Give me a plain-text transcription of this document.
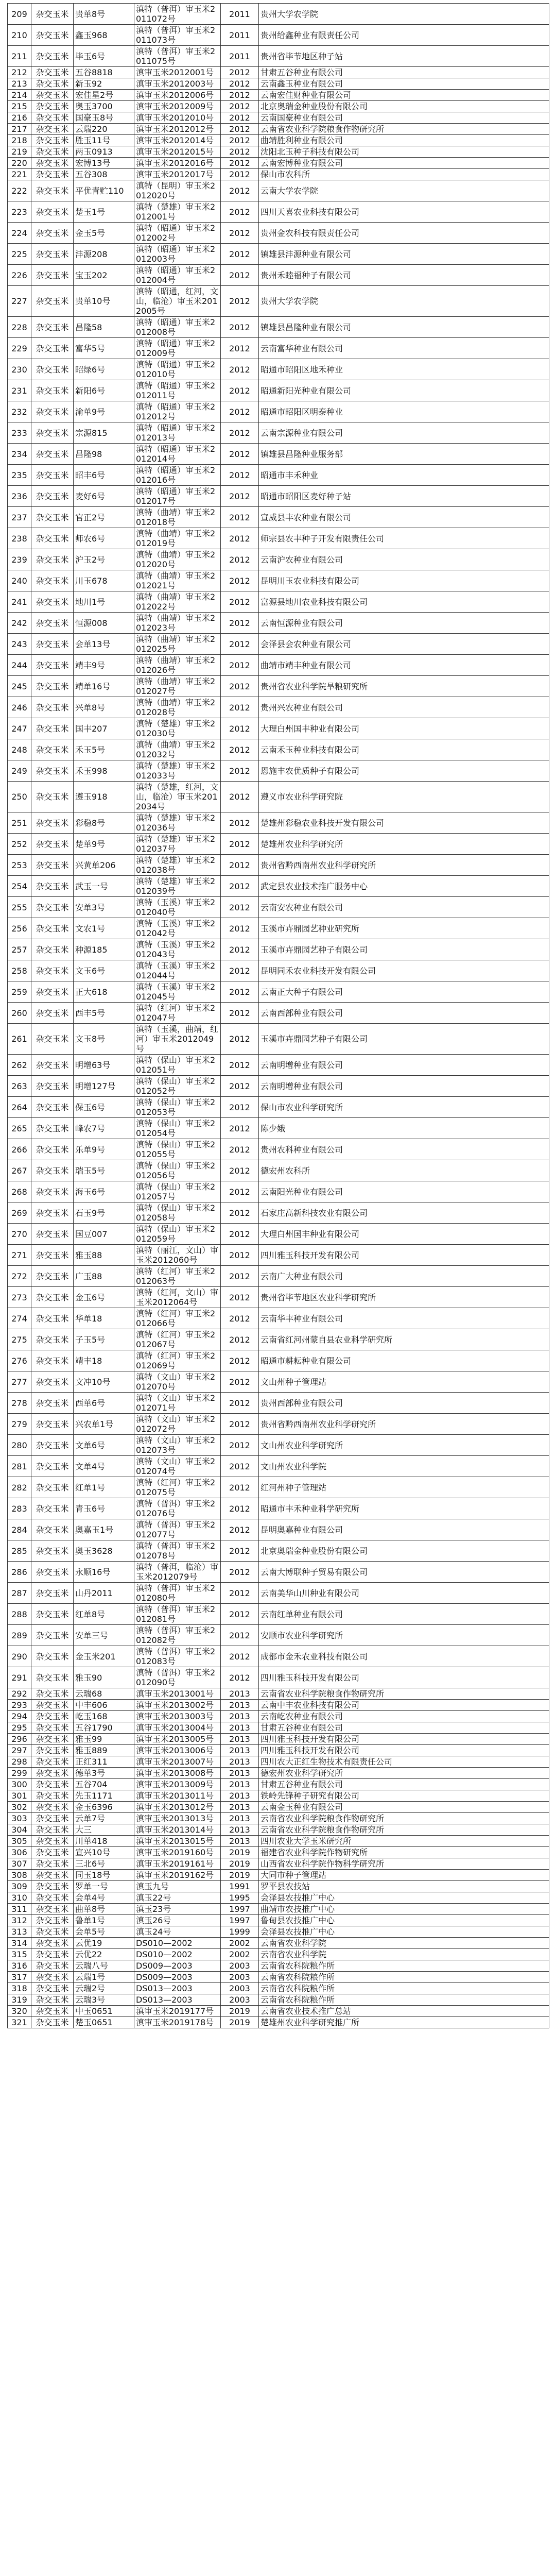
209	杂交玉米	贵单8号	滇特（普洱）审玉米2011072号	2011	贵州大学农学院
210	杂交玉米	鑫玉968	滇特（普洱）审玉米2011073号	2011	贵州给鑫种业有限责任公司
211	杂交玉米	毕玉6号	滇特（普洱）审玉米2011075号	2011	贵州省毕节地区种子站
212	杂交玉米	五谷8818	滇审玉米2012001号	2012	甘肃五谷种业有限公司
213	杂交玉米	新玉92	滇审玉米2012003号	2012	云南鑫玉种业有限公司
214	杂交玉米	宏佳星2号	滇审玉米2012006号	2012	云南宏佳财种业有限公司
215	杂交玉米	奥玉3700	滇审玉米2012009号	2012	北京奥瑞金种业股份有限公司
216	杂交玉米	国豪玉8号	滇审玉米2012010号	2012	云南国豪种业有限公司
217	杂交玉米	云瑞220	滇审玉米2012012号	2012	云南省农业科学院粮食作物研究所
218	杂交玉米	胜玉11号	滇审玉米2012014号	2012	曲靖胜利种业有限公司
219	杂交玉米	两玉0913	滇审玉米2012015号	2012	沈阳北玉种子科技有限公司
220	杂交玉米	宏博13号	滇审玉米2012016号	2012	云南宏博种业有限公司
221	杂交玉米	五谷308	滇审玉米2012017号	2012	保山市农科所
222	杂交玉米	平优青贮110	滇特（昆明）审玉米2012020号	2012	云南大学农学院
223	杂交玉米	楚玉1号	滇特（楚雄）审玉米2012001号	2012	四川天喜农业科技有限公司
224	杂交玉米	金玉5号	滇特（昭通）审玉米2012002号	2012	贵州金农科技有限责任公司
225	杂交玉米	沣源208	滇特（昭通）审玉米2012003号	2012	镇雄县沣源种业有限公司
226	杂交玉米	宝玉202	滇特（昭通）审玉米2012004号	2012	贵州禾睦福种子有限公司
227	杂交玉米	贵单10号	滇特（昭通，红河，文山，临沧）审玉米2012005号	2012	贵州大学农学院
228	杂交玉米	昌隆58	滇特（昭通）审玉米2012008号	2012	镇雄县昌隆种业有限公司
229	杂交玉米	富华5号	滇特（昭通）审玉米2012009号	2012	云南富华种业有限公司
230	杂交玉米	昭绿6号	滇特（昭通）审玉米2012010号	2012	昭通市昭阳区地禾种业
231	杂交玉米	新阳6号	滇特（昭通）审玉米2012011号	2012	昭通新阳光种业有限公司
232	杂交玉米	渝单9号	滇特（昭通）审玉米2012012号	2012	昭通市昭阳区明泰种业
233	杂交玉米	宗源815	滇特（昭通）审玉米2012013号	2012	云南宗源种业有限公司
234	杂交玉米	昌隆98	滇特（昭通）审玉米2012014号	2012	镇雄县昌隆种业服务部
235	杂交玉米	昭丰6号	滇特（昭通）审玉米2012016号	2012	昭通市丰禾种业
236	杂交玉米	麦好6号	滇特（昭通）审玉米2012017号	2012	昭通市昭阳区麦好种子站
237	杂交玉米	官正2号	滇特（曲靖）审玉米2012018号	2012	宣威县丰农种业有限公司
238	杂交玉米	师农6号	滇特（曲靖）审玉米2012019号	2012	师宗县农丰种子开发有限责任公司
239	杂交玉米	沪玉2号	滇特（曲靖）审玉米2012020号	2012	云南沪农种业有限公司
240	杂交玉米	川玉678	滇特（曲靖）审玉米2012021号	2012	昆明川玉农业科技有限公司
241	杂交玉米	地川1号	滇特（曲靖）审玉米2012022号	2012	富源县地川农业科技有限公司
242	杂交玉米	恒源008	滇特（曲靖）审玉米2012023号	2012	云南恒源种业有限公司
243	杂交玉米	会单13号	滇特（曲靖）审玉米2012025号	2012	会泽县会农种业有限公司
244	杂交玉米	靖丰9号	滇特（曲靖）审玉米2012026号	2012	曲靖市靖丰种业有限公司
245	杂交玉米	靖单16号	滇特（曲靖）审玉米2012027号	2012	贵州省农业科学院旱粮研究所
246	杂交玉米	兴单8号	滇特（曲靖）审玉米2012028号	2012	贵州兴农种业有限公司
247	杂交玉米	国丰207	滇特（楚雄）审玉米2012030号	2012	大理白州国丰种业有限公司
248	杂交玉米	禾玉5号	滇特（曲靖）审玉米2012032号	2012	云南禾玉种业科技有限公司
249	杂交玉米	禾玉998	滇特（楚雄）审玉米2012033号	2012	恩施丰农优质种子有限公司
250	杂交玉米	遵玉918	滇特（楚雄，红河，文山，临沧）审玉米2012034号	2012	遵义市农业科学研究院
251	杂交玉米	彩稳8号	滇特（楚雄）审玉米2012036号	2012	楚雄州彩稳农业科技开发有限公司
252	杂交玉米	楚单9号	滇特（楚雄）审玉米2012037号	2012	楚雄州农业科学研究所
253	杂交玉米	兴黄单206	滇特（楚雄）审玉米2012038号	2012	贵州省黔西南州农业科学研究所
254	杂交玉米	武玉一号	滇特（楚雄）审玉米2012039号	2012	武定县农业技术推广服务中心
255	杂交玉米	安单3号	滇特（玉溪）审玉米2012040号	2012	云南安农种业有限公司
256	杂交玉米	文农1号	滇特（玉溪）审玉米2012042号	2012	玉溪市卉鼎园艺种业研究所
257	杂交玉米	种源185	滇特（玉溪）审玉米2012043号	2012	玉溪市卉鼎园艺种子有限公司
258	杂交玉米	文玉6号	滇特（玉溪）审玉米2012044号	2012	昆明同禾农业科技开发有限公司
259	杂交玉米	正大618	滇特（玉溪）审玉米2012045号	2012	云南正大种子有限公司
260	杂交玉米	西丰5号	滇特（红河）审玉米2012047号	2012	云南西部种业有限公司
261	杂交玉米	文玉8号	滇特（玉溪，曲靖，红河）审玉米2012049号	2012	玉溪市卉鼎园艺种子有限公司
262	杂交玉米	明增63号	滇特（保山）审玉米2012051号	2012	云南明增种业有限公司
263	杂交玉米	明增127号	滇特（保山）审玉米2012052号	2012	云南明增种业有限公司
264	杂交玉米	保玉6号	滇特（保山）审玉米2012053号	2012	保山市农业科学研究所
265	杂交玉米	峰农7号	滇特（保山）审玉米2012054号	2012	陈少娥
266	杂交玉米	乐单9号	滇特（保山）审玉米2012055号	2012	贵州农科种业有限公司
267	杂交玉米	瑞玉5号	滇特（保山）审玉米2012056号	2012	德宏州农科所
268	杂交玉米	海玉6号	滇特（保山）审玉米2012057号	2012	云南阳光种业有限公司
269	杂交玉米	石玉9号	滇特（保山）审玉米2012058号	2012	石家庄高新科技农业有限公司
270	杂交玉米	国豆007	滇特（保山）审玉米2012059号	2012	大理白州国丰种业有限公司
271	杂交玉米	雅玉88	滇特（丽江，文山）审玉米2012060号	2012	四川雅玉科技开发有限公司
272	杂交玉米	广玉88	滇特（红河）审玉米2012063号	2012	云南广大种业有限公司
273	杂交玉米	金玉6号	滇特（红河，文山）审玉米2012064号	2012	贵州省毕节地区农业科学研究所
274	杂交玉米	华单18	滇特（红河）审玉米2012066号	2012	云南华丰种业有限公司
275	杂交玉米	子玉5号	滇特（红河）审玉米2012067号	2012	云南省红河州蒙自县农业科学研究所
276	杂交玉米	靖丰18	滇特（红河）审玉米2012069号	2012	昭通市耕耘种业有限公司
277	杂交玉米	文冲10号	滇特（文山）审玉米2012070号	2012	文山州种子管理站
278	杂交玉米	西单6号	滇特（文山）审玉米2012071号	2012	贵州西部种业有限公司
279	杂交玉米	兴农单1号	滇特（文山）审玉米2012072号	2012	贵州省黔西南州农业科学研究所
280	杂交玉米	文单6号	滇特（文山）审玉米2012073号	2012	文山州农业科学研究所
281	杂交玉米	文单4号	滇特（文山）审玉米2012074号	2012	文山州农业科学院
282	杂交玉米	红单1号	滇特（红河）审玉米2012075号	2012	红河州种子管理站
283	杂交玉米	青玉6号	滇特（普洱）审玉米2012076号	2012	昭通市丰禾种业科学研究所
284	杂交玉米	奥嘉玉1号	滇特（普洱）审玉米2012077号	2012	昆明奥嘉种业有限公司
285	杂交玉米	奥玉3628	滇特（普洱）审玉米2012078号	2012	北京奥瑞金种业股份有限公司
286	杂交玉米	永顺16号	滇特（普洱，临沧）审玉米2012079号	2012	云南大博联种子贸易有限公司
287	杂交玉米	山丹2011	滇特（普洱）审玉米2012080号	2012	云南美华山川种业有限公司
288	杂交玉米	红单8号	滇特（普洱）审玉米2012081号	2012	云南红单种业有限公司
289	杂交玉米	安单三号	滇特（普洱）审玉米2012082号	2012	安顺市农业科学研究所
290	杂交玉米	金玉米201	滇特（普洱）审玉米2012083号	2012	成都市金禾农业科技有限公司
291	杂交玉米	雅玉90	滇特（普洱）审玉米2012090号	2012	四川雅玉科技开发有限公司
292	杂交玉米	云瑞68	滇审玉米2013001号	2013	云南省农业科学院粮食作物研究所
293	杂交玉米	中丰606	滇审玉米2013002号	2013	云南中丰农业科技有限公司
294	杂交玉米	屹玉168	滇审玉米2013003号	2013	云南屹农种业有限公司
295	杂交玉米	五谷1790	滇审玉米2013004号	2013	甘肃五谷种业有限公司
296	杂交玉米	雅玉99	滇审玉米2013005号	2013	四川雅玉科技开发有限公司
297	杂交玉米	雅玉889	滇审玉米2013006号	2013	四川雅玉科技开发有限公司
298	杂交玉米	正红311	滇审玉米2013007号	2013	四川农大正红生物技术有限责任公司
299	杂交玉米	德单3号	滇审玉米2013008号	2013	德宏州农业科学研究所
300	杂交玉米	五谷704	滇审玉米2013009号	2013	甘肃五谷种业有限公司
301	杂交玉米	先玉1171	滇审玉米2013011号	2013	铁岭先锋种子研究有限公司
302	杂交玉米	金玉6396	滇审玉米2013012号	2013	云南金玉种业有限公司
303	杂交玉米	云单7号	滇审玉米2013013号	2013	云南省农业科学院粮食作物研究所
304	杂交玉米	大三	滇审玉米2013014号	2013	云南省农业科学院粮食作物研究所
305	杂交玉米	川单418	滇审玉米2013015号	2013	四川农业大学玉米研究所
306	杂交玉米	宣兴10号	滇审玉米2019160号	2019	福建省农业科学院作物研究所
307	杂交玉米	三北6号	滇审玉米2019161号	2019	山西省农业科学院作物科学研究所
308	杂交玉米	同玉18号	滇审玉米2019162号	2019	大同市种子管理站
309	杂交玉米	罗单一号	滇玉九号	1991	罗平县农技站
310	杂交玉米	会单4号	滇玉22号	1995	会泽县农技推广中心
311	杂交玉米	曲单8号	滇玉23号	1997	曲靖市农技推广中心
312	杂交玉米	鲁单1号	滇玉26号	1997	鲁甸县农技推广中心
313	杂交玉米	会单5号	滇玉24号	1999	会泽县农技推广中心
314	杂交玉米	云优19	DS010—2002	2002	云南省农业科学院
315	杂交玉米	云优22	DS010—2002	2002	云南省农业科学院
316	杂交玉米	云瑞八号	DS009—2003	2003	云南省农科院粮作所
317	杂交玉米	云瑞1号	DS009—2003	2003	云南省农科院粮作所
318	杂交玉米	云瑞2号	DS013—2003	2003	云南省农科院粮作所
319	杂交玉米	云瑞3号	DS013—2003	2003	云南省农科院粮作所
320	杂交玉米	中玉0651	滇审玉米2019177号	2019	云南省农业技术推广总站
321	杂交玉米	楚玉0651	滇审玉米2019178号	2019	楚雄州农业科学研究推广所
